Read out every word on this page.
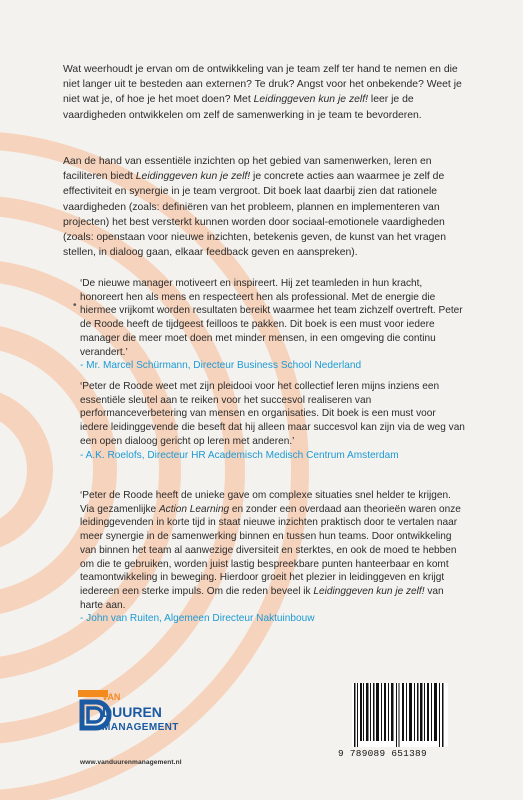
Wat weerhoudt je ervan om de ontwikkeling van je team zelf ter hand te nemen en die niet langer uit te besteden aan externen? Te druk? Angst voor het onbekende? Weet je niet wat je, of hoe je het moet doen? Met Leidinggeven kun je zelf! leer je de vaardigheden ontwikkelen om zelf de samenwerking in je team te bevorderen.

Aan de hand van essentiële inzichten op het gebied van samenwerken, leren en faciliteren biedt Leidinggeven kun je zelf! je concrete acties aan waarmee je zelf de effectiviteit en synergie in je team vergroot. Dit boek laat daarbij zien dat rationele vaardigheden (zoals: definiëren van het probleem, plannen en implementeren van projecten) het best versterkt kunnen worden door sociaal-emotionele vaardigheden (zoals: openstaan voor nieuwe inzichten, betekenis geven, de kunst van het vragen stellen, in dialoog gaan, elkaar feedback geven en aanspreken).

•

‘De nieuwe manager motiveert en inspireert. Hij zet teamleden in hun kracht, honoreert hen als mens en respecteert hen als professional. Met de energie die hiermee vrijkomt worden resultaten bereikt waarmee het team zichzelf overtreft. Peter de Roode heeft de tijdgeest feilloos te pakken. Dit boek is een must voor iedere manager die meer moet doen met minder mensen, in een omgeving die continu verandert.’
- Mr. Marcel Schürmann, Directeur Business School Nederland

‘Peter de Roode weet met zijn pleidooi voor het collectief leren mijns inziens een essentiële sleutel aan te reiken voor het succesvol realiseren van performanceverbetering van mensen en organisaties. Dit boek is een must voor iedere leidinggevende die beseft dat hij alleen maar succesvol kan zijn via de weg van een open dialoog gericht op leren met anderen.’
- A.K. Roelofs, Directeur HR Academisch Medisch Centrum Amsterdam

‘Peter de Roode heeft de unieke gave om complexe situaties snel helder te krijgen. Via gezamenlijke Action Learning en zonder een overdaad aan theorieën waren onze leidinggevenden in korte tijd in staat nieuwe inzichten praktisch door te vertalen naar meer synergie in de samenwerking binnen en tussen hun teams. Door ontwikkeling van binnen het team al aanwezige diversiteit en sterktes, en ook de moed te hebben om die te gebruiken, worden juist lastig bespreekbare punten hanteerbaar en komt teamontwikkeling in beweging. Hierdoor groeit het plezier in leidinggeven en krijgt iedereen een sterke impuls. Om die reden beveel ik Leidinggeven kun je zelf! van harte aan.
- John van Ruiten, Algemeen Directeur Naktuinbouw

VAN
DUUREN
MANAGEMENT
www.vanduurenmanagement.nl
9 789089 651389
